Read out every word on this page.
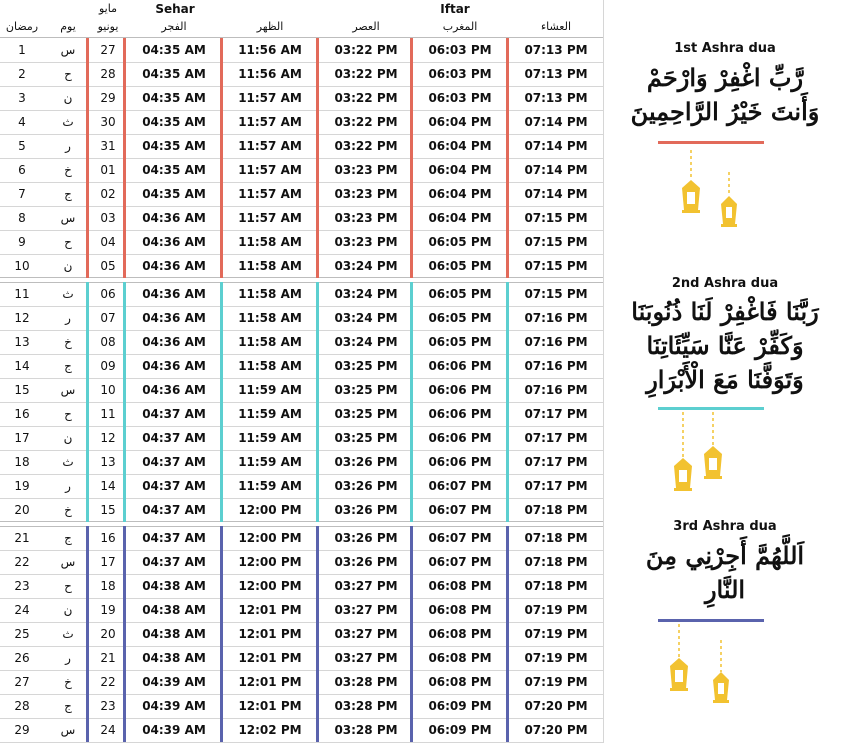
Sehar	Iftar
مايو
رمضان	يوم	يونيو	الفجر	الظهر	العصر	المغرب	العشاء
1	س	27	04:35 AM	11:56 AM	03:22 PM	06:03 PM	07:13 PM
2	ح	28	04:35 AM	11:56 AM	03:22 PM	06:03 PM	07:13 PM
3	ن	29	04:35 AM	11:57 AM	03:22 PM	06:03 PM	07:13 PM
4	ث	30	04:35 AM	11:57 AM	03:22 PM	06:04 PM	07:14 PM
5	ر	31	04:35 AM	11:57 AM	03:22 PM	06:04 PM	07:14 PM
6	خ	01	04:35 AM	11:57 AM	03:23 PM	06:04 PM	07:14 PM
7	ج	02	04:35 AM	11:57 AM	03:23 PM	06:04 PM	07:14 PM
8	س	03	04:36 AM	11:57 AM	03:23 PM	06:04 PM	07:15 PM
9	ح	04	04:36 AM	11:58 AM	03:23 PM	06:05 PM	07:15 PM
10	ن	05	04:36 AM	11:58 AM	03:24 PM	06:05 PM	07:15 PM
11	ث	06	04:36 AM	11:58 AM	03:24 PM	06:05 PM	07:15 PM
12	ر	07	04:36 AM	11:58 AM	03:24 PM	06:05 PM	07:16 PM
13	خ	08	04:36 AM	11:58 AM	03:24 PM	06:05 PM	07:16 PM
14	ج	09	04:36 AM	11:58 AM	03:25 PM	06:06 PM	07:16 PM
15	س	10	04:36 AM	11:59 AM	03:25 PM	06:06 PM	07:16 PM
16	ح	11	04:37 AM	11:59 AM	03:25 PM	06:06 PM	07:17 PM
17	ن	12	04:37 AM	11:59 AM	03:25 PM	06:06 PM	07:17 PM
18	ث	13	04:37 AM	11:59 AM	03:26 PM	06:06 PM	07:17 PM
19	ر	14	04:37 AM	11:59 AM	03:26 PM	06:07 PM	07:17 PM
20	خ	15	04:37 AM	12:00 PM	03:26 PM	06:07 PM	07:18 PM
21	ج	16	04:37 AM	12:00 PM	03:26 PM	06:07 PM	07:18 PM
22	س	17	04:37 AM	12:00 PM	03:26 PM	06:07 PM	07:18 PM
23	ح	18	04:38 AM	12:00 PM	03:27 PM	06:08 PM	07:18 PM
24	ن	19	04:38 AM	12:01 PM	03:27 PM	06:08 PM	07:19 PM
25	ث	20	04:38 AM	12:01 PM	03:27 PM	06:08 PM	07:19 PM
26	ر	21	04:38 AM	12:01 PM	03:27 PM	06:08 PM	07:19 PM
27	خ	22	04:39 AM	12:01 PM	03:28 PM	06:08 PM	07:19 PM
28	ج	23	04:39 AM	12:01 PM	03:28 PM	06:09 PM	07:20 PM
29	س	24	04:39 AM	12:02 PM	03:28 PM	06:09 PM	07:20 PM
1st Ashra dua
رَّبِّ اغْفِرْ وَارْحَمْ
وَأَنتَ خَيْرُ الرَّاحِمِينَ
2nd Ashra dua
رَبَّنَا فَاغْفِرْ لَنَا ذُنُوبَنَا
وَكَفِّرْ عَنَّا سَيِّئَاتِنَا
وَتَوَفَّنَا مَعَ الْأَبْرَارِ
3rd Ashra dua
اَللَّهُمَّ أَجِرْنِي مِنَ
النَّارِ
